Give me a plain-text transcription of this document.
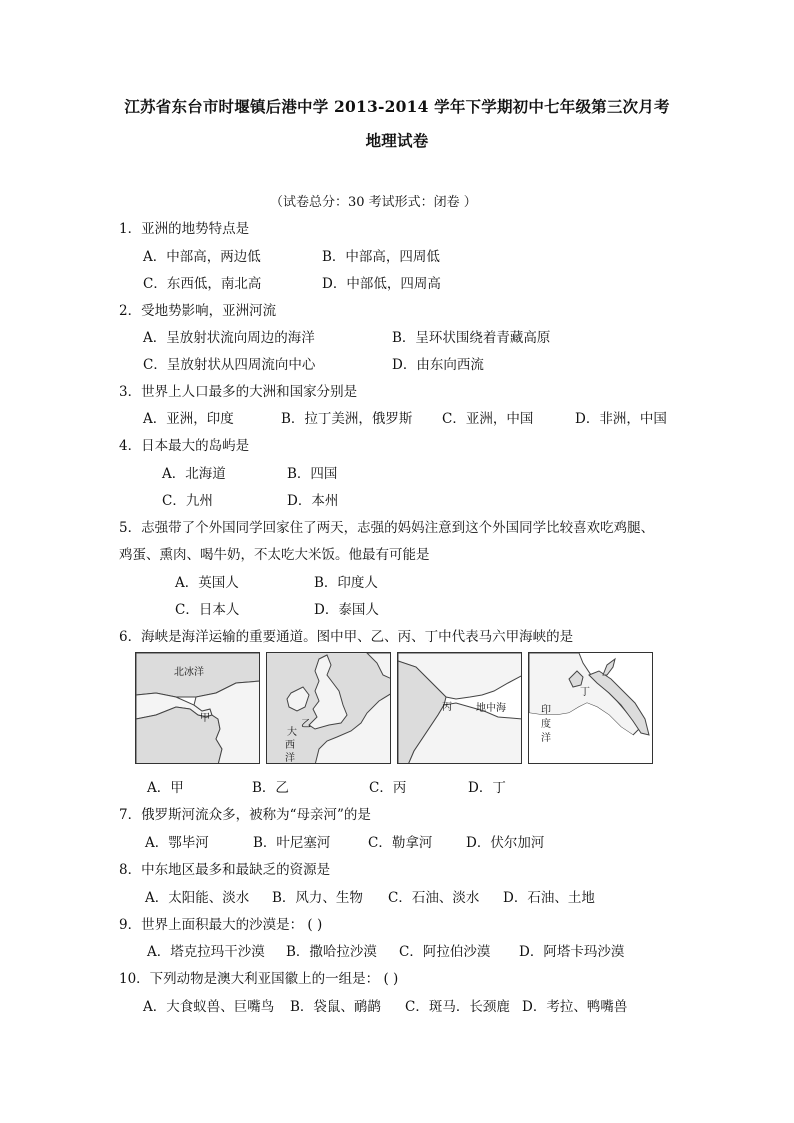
江苏省东台市时堰镇后港中学 2013-2014 学年下学期初中七年级第三次月考
地理试卷
（试卷总分：30 考试形式：闭卷 ）
1．亚洲的地势特点是
A．中部高，两边低	B．中部高，四周低
C．东西低，南北高	D．中部低，四周高
2．受地势影响，亚洲河流
A．呈放射状流向周边的海洋	B．呈环状围绕着青藏高原
C．呈放射状从四周流向中心	D．由东向西流
3．世界上人口最多的大洲和国家分别是
A．亚洲，印度	B．拉丁美洲，俄罗斯 C．亚洲，中国	D．非洲，中国
4．日本最大的岛屿是
A．北海道	B．四国
C．九州	D．本州
5．志强带了个外国同学回家住了两天，志强的妈妈注意到这个外国同学比较喜欢吃鸡腿、
鸡蛋、熏肉、喝牛奶，不太吃大米饭。他最有可能是
A．英国人	B．印度人
C．日本人	D．泰国人
6．海峡是海洋运输的重要通道。图中甲、乙、丙、丁中代表马六甲海峡的是
北冰洋
甲
乙
大
西
洋
丙 地中海
丁
印
度
洋
A．甲	B．乙	C．丙	D．丁
7．俄罗斯河流众多，被称为“母亲河”的是
A．鄂毕河	B．叶尼塞河	C．勒拿河 D．伏尔加河
8．中东地区最多和最缺乏的资源是
A．太阳能、淡水 B．风力、生物 C．石油、淡水 D．石油、土地
9．世界上面积最大的沙漠是： ( )
A．塔克拉玛干沙漠 B．撒哈拉沙漠 C．阿拉伯沙漠 D．阿塔卡玛沙漠
10．下列动物是澳大利亚国徽上的一组是： ( )
A．大食蚁兽、巨嘴鸟 B．袋鼠、鸸鹋 C．斑马．长颈鹿 D．考拉、鸭嘴兽
